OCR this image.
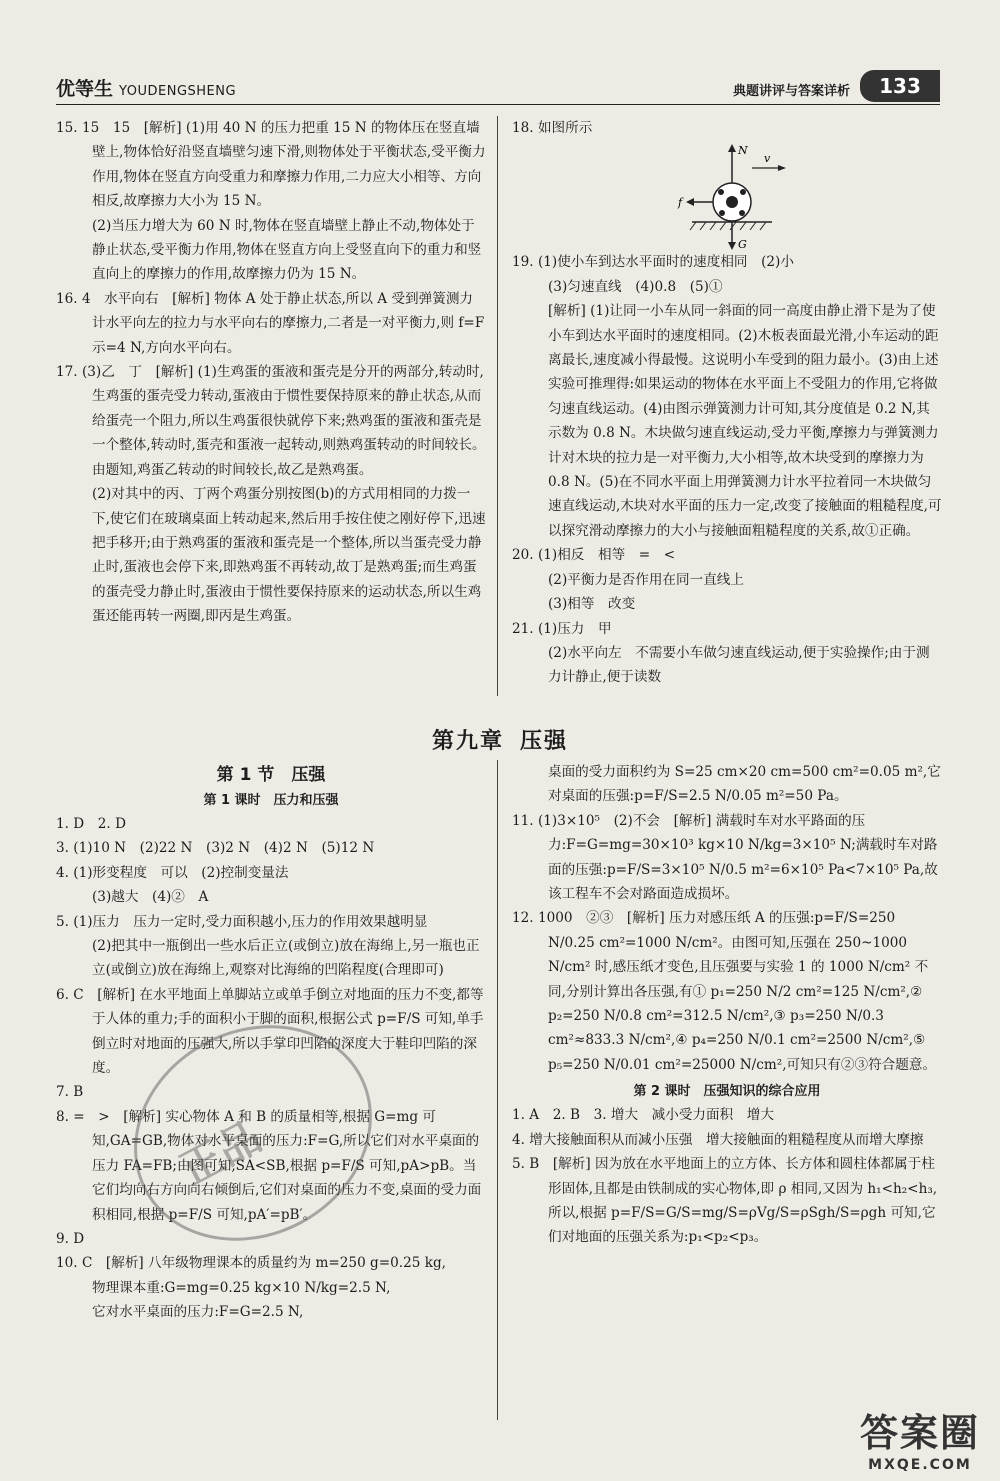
优等生 YOUDENGSHENG	典题讲评与答案详析	133

15. 15　15　[解析] (1)用 40 N 的压力把重 15 N 的物体压在竖直墙壁上,物体恰好沿竖直墙壁匀速下滑,则物体处于平衡状态,受平衡力作用,物体在竖直方向受重力和摩擦力作用,二力应大小相等、方向相反,故摩擦力大小为 15 N。

(2)当压力增大为 60 N 时,物体在竖直墙壁上静止不动,物体处于静止状态,受平衡力作用,物体在竖直方向上受竖直向下的重力和竖直向上的摩擦力的作用,故摩擦力仍为 15 N。

16. 4　水平向右　[解析] 物体 A 处于静止状态,所以 A 受到弹簧测力计水平向左的拉力与水平向右的摩擦力,二者是一对平衡力,则 f=F示=4 N,方向水平向右。

17. (3)乙　丁　[解析] (1)生鸡蛋的蛋液和蛋壳是分开的两部分,转动时,生鸡蛋的蛋壳受力转动,蛋液由于惯性要保持原来的静止状态,从而给蛋壳一个阻力,所以生鸡蛋很快就停下来;熟鸡蛋的蛋液和蛋壳是一个整体,转动时,蛋壳和蛋液一起转动,则熟鸡蛋转动的时间较长。由题知,鸡蛋乙转动的时间较长,故乙是熟鸡蛋。

(2)对其中的丙、丁两个鸡蛋分别按图(b)的方式用相同的力拨一下,使它们在玻璃桌面上转动起来,然后用手按住使之刚好停下,迅速把手移开;由于熟鸡蛋的蛋液和蛋壳是一个整体,所以当蛋壳受力静止时,蛋液也会停下来,即熟鸡蛋不再转动,故丁是熟鸡蛋;而生鸡蛋的蛋壳受力静止时,蛋液由于惯性要保持原来的运动状态,所以生鸡蛋还能再转一两圈,即丙是生鸡蛋。

18. 如图所示

N
v
f
G

19. (1)使小车到达水平面时的速度相同　(2)小

(3)匀速直线　(4)0.8　(5)①

[解析] (1)让同一小车从同一斜面的同一高度由静止滑下是为了使小车到达水平面时的速度相同。(2)木板表面最光滑,小车运动的距离最长,速度减小得最慢。这说明小车受到的阻力最小。(3)由上述实验可推理得:如果运动的物体在水平面上不受阻力的作用,它将做匀速直线运动。(4)由图示弹簧测力计可知,其分度值是 0.2 N,其示数为 0.8 N。木块做匀速直线运动,受力平衡,摩擦力与弹簧测力计对木块的拉力是一对平衡力,大小相等,故木块受到的摩擦力为 0.8 N。(5)在不同水平面上用弹簧测力计水平拉着同一木块做匀速直线运动,木块对水平面的压力一定,改变了接触面的粗糙程度,可以探究滑动摩擦力的大小与接触面粗糙程度的关系,故①正确。

20. (1)相反　相等　=　<

(2)平衡力是否作用在同一直线上

(3)相等　改变

21. (1)压力　甲

(2)水平向左　不需要小车做匀速直线运动,便于实验操作;由于测力计静止,便于读数

第九章 压强
第 1 节　压强
第 1 课时　压力和压强

1. D　2. D

3. (1)10 N　(2)22 N　(3)2 N　(4)2 N　(5)12 N

4. (1)形变程度　可以　(2)控制变量法

(3)越大　(4)②　A

5. (1)压力　压力一定时,受力面积越小,压力的作用效果越明显

(2)把其中一瓶倒出一些水后正立(或倒立)放在海绵上,另一瓶也正立(或倒立)放在海绵上,观察对比海绵的凹陷程度(合理即可)

6. C　[解析] 在水平地面上单脚站立或单手倒立对地面的压力不变,都等于人体的重力;手的面积小于脚的面积,根据公式 p=F/S 可知,单手倒立时对地面的压强大,所以手掌印凹陷的深度大于鞋印凹陷的深度。

7. B

8. =　>　[解析] 实心物体 A 和 B 的质量相等,根据 G=mg 可知,GA=GB,物体对水平桌面的压力:F=G,所以它们对水平桌面的压力 FA=FB;由图可知,SA<SB,根据 p=F/S 可知,pA>pB。当它们均向右方向向右倾倒后,它们对桌面的压力不变,桌面的受力面积相同,根据 p=F/S 可知,pA′=pB′。

9. D

10. C　[解析] 八年级物理课本的质量约为 m=250 g=0.25 kg,

物理课本重:G=mg=0.25 kg×10 N/kg=2.5 N,

它对水平桌面的压力:F=G=2.5 N,

桌面的受力面积约为 S=25 cm×20 cm=500 cm²=0.05 m²,它对桌面的压强:p=F/S=2.5 N/0.05 m²=50 Pa。

11. (1)3×10⁵　(2)不会　[解析] 满载时车对水平路面的压力:F=G=mg=30×10³ kg×10 N/kg=3×10⁵ N;满载时车对路面的压强:p=F/S=3×10⁵ N/0.5 m²=6×10⁵ Pa<7×10⁵ Pa,故该工程车不会对路面造成损坏。

12. 1000　②③　[解析] 压力对感压纸 A 的压强:p=F/S=250 N/0.25 cm²=1000 N/cm²。由图可知,压强在 250~1000 N/cm² 时,感压纸才变色,且压强要与实验 1 的 1000 N/cm² 不同,分别计算出各压强,有① p₁=250 N/2 cm²=125 N/cm²,② p₂=250 N/0.8 cm²=312.5 N/cm²,③ p₃=250 N/0.3 cm²≈833.3 N/cm²,④ p₄=250 N/0.1 cm²=2500 N/cm²,⑤ p₅=250 N/0.01 cm²=25000 N/cm²,可知只有②③符合题意。

第 2 课时　压强知识的综合应用

1. A　2. B　3. 增大　减小受力面积　增大

4. 增大接触面积从而减小压强　增大接触面的粗糙程度从而增大摩擦

5. B　[解析] 因为放在水平地面上的立方体、长方体和圆柱体都属于柱形固体,且都是由铁制成的实心物体,即 ρ 相同,又因为 h₁<h₂<h₃,所以,根据 p=F/S=G/S=mg/S=ρVg/S=ρSgh/S=ρgh 可知,它们对地面的压强关系为:p₁<p₂<p₃。

正品
答案圈
MXQE.COM
